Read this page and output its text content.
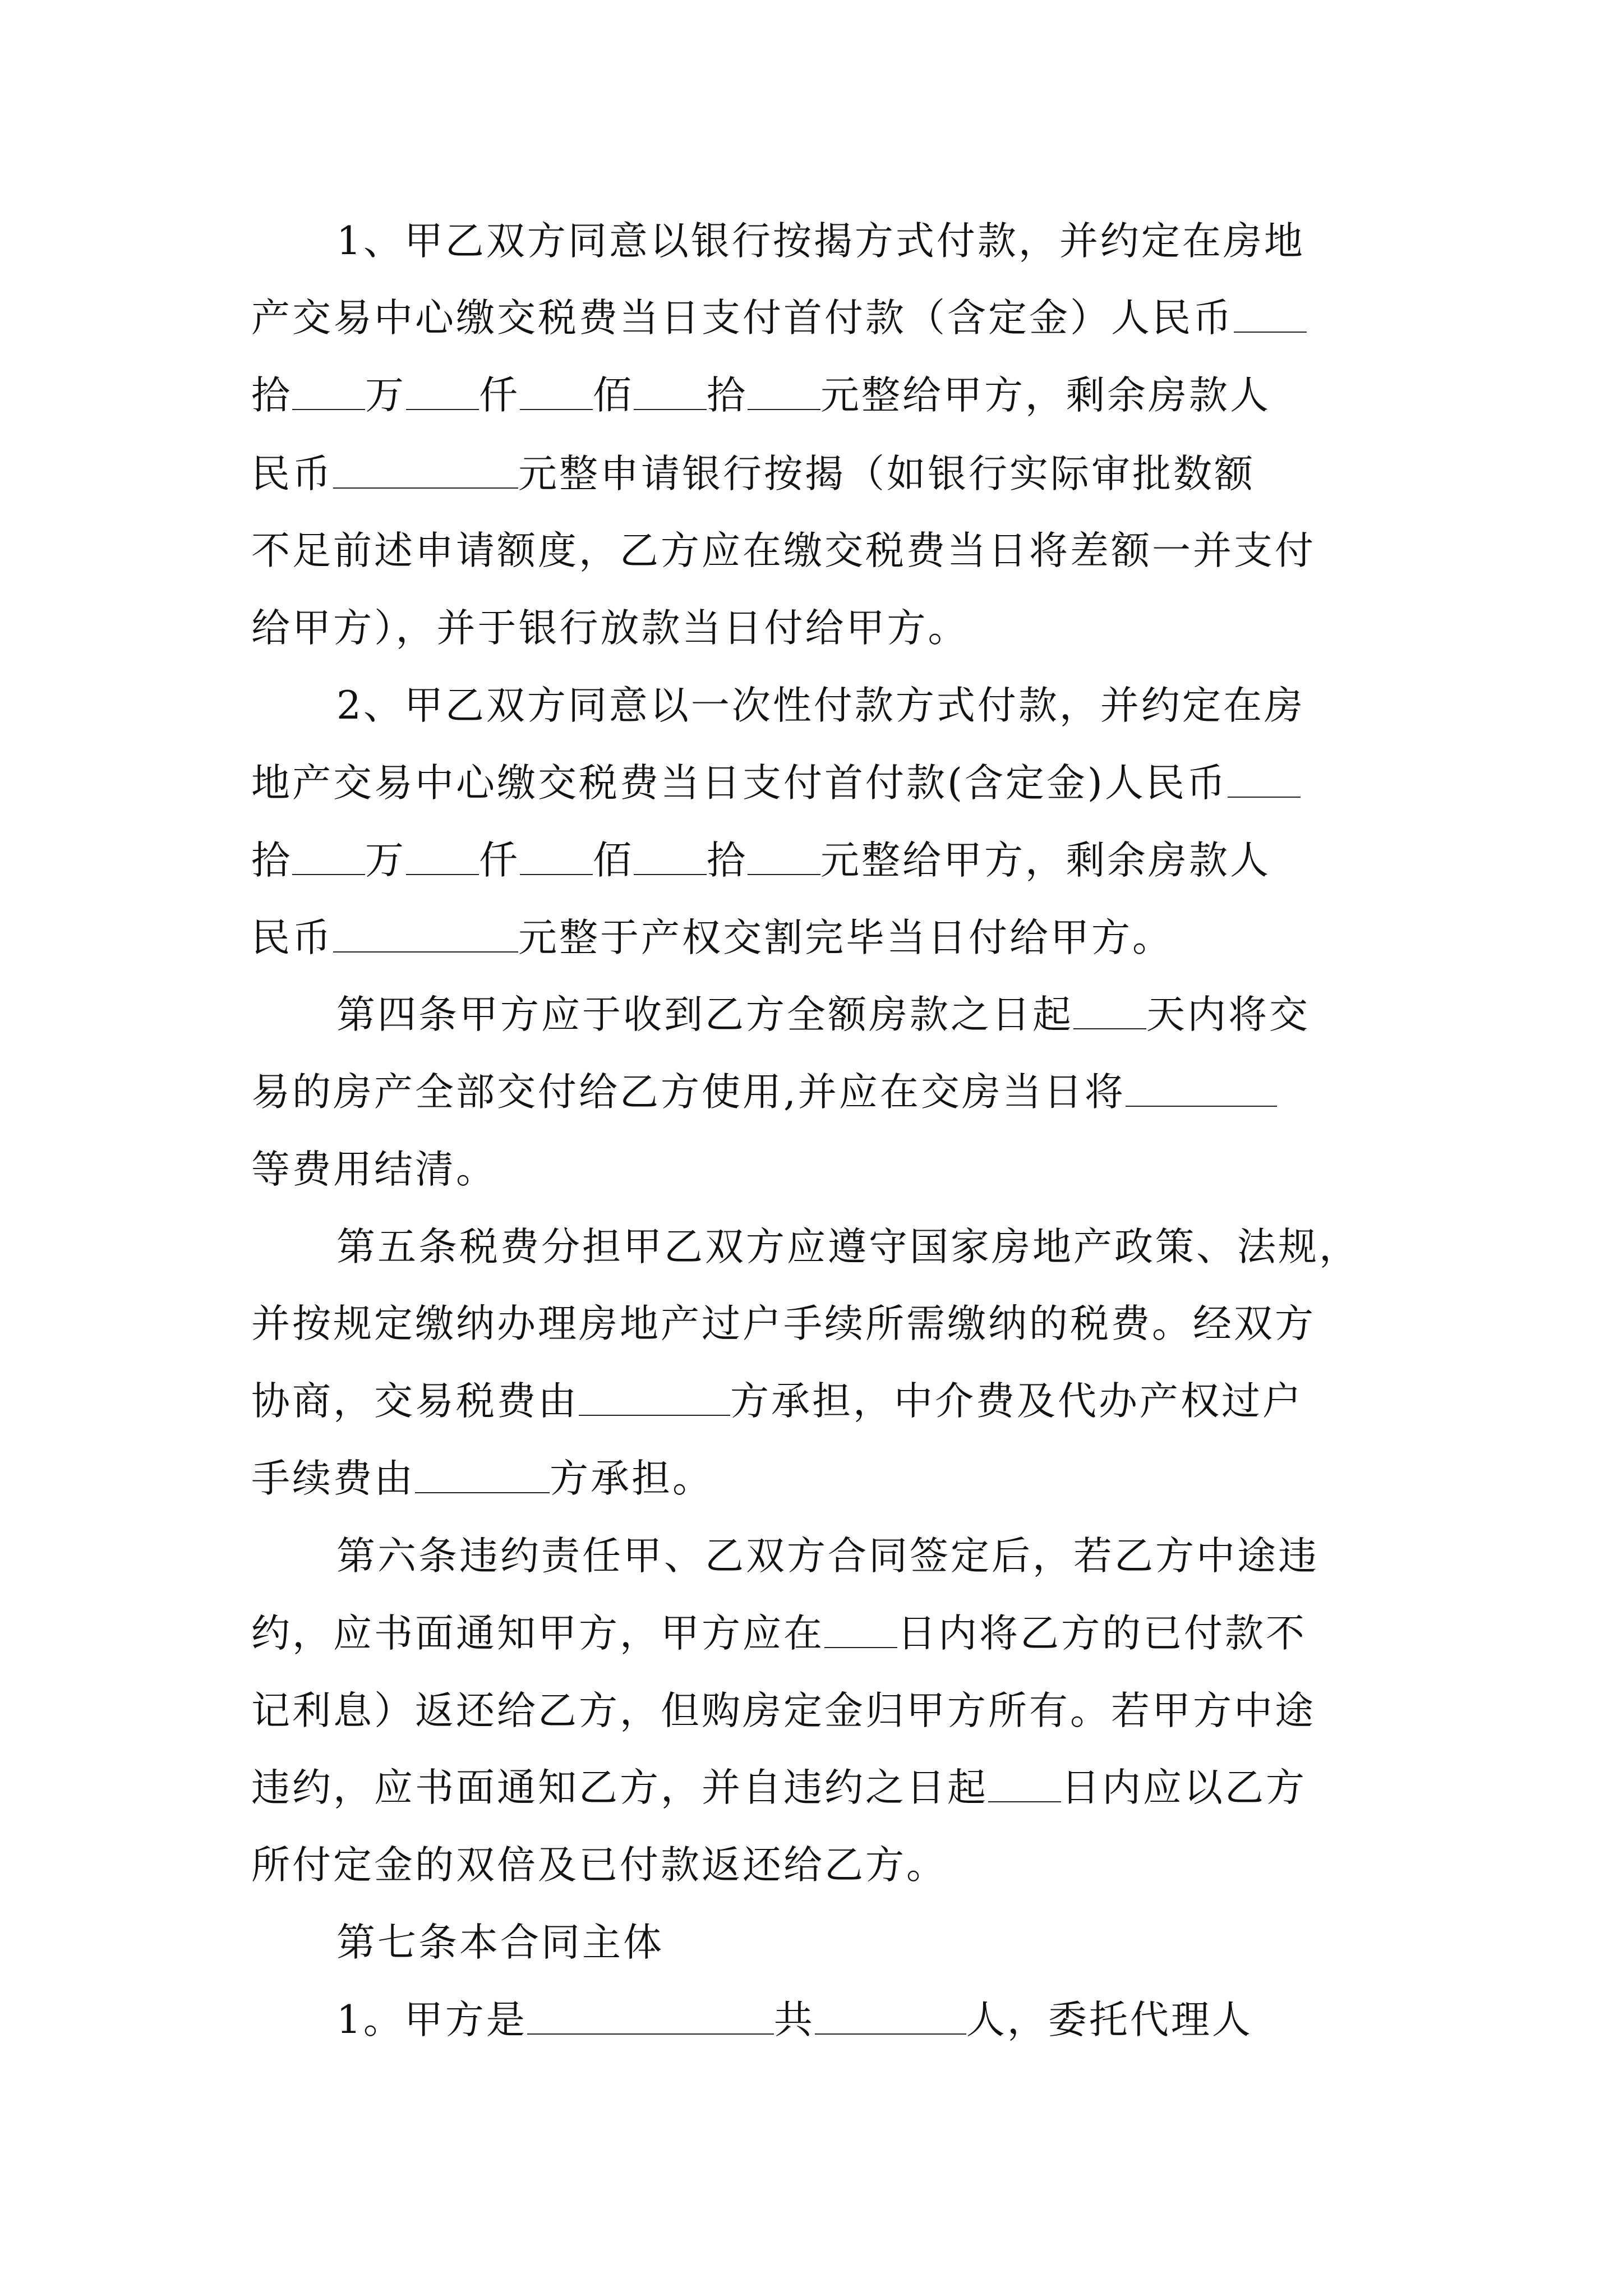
1、甲乙双方同意以银行按揭方式付款，并约定在房地
产交易中心缴交税费当日支付首付款（含定金）人民币
拾 万 仟 佰 拾 元整给甲方，剩余房款人
民币	元整申请银行按揭（如银行实际审批数额
不足前述申请额度，乙方应在缴交税费当日将差额一并支付
给甲方），并于银行放款当日付给甲方。
2、甲乙双方同意以一次性付款方式付款，并约定在房
地产交易中心缴交税费当日支付首付款(含定金)人民币
拾 万 仟 佰 拾 元整给甲方，剩余房款人
民币	元整于产权交割完毕当日付给甲方。
第四条甲方应于收到乙方全额房款之日起 天内将交
易的房产全部交付给乙方使用,并应在交房当日将
等费用结清。
第五条税费分担甲乙双方应遵守国家房地产政策、法规，
并按规定缴纳办理房地产过户手续所需缴纳的税费。经双方
协商，交易税费由	方承担，中介费及代办产权过户
手续费由	方承担。
第六条违约责任甲、乙双方合同签定后，若乙方中途违
约，应书面通知甲方，甲方应在 日内将乙方的已付款不
记利息）返还给乙方，但购房定金归甲方所有。若甲方中途
违约，应书面通知乙方，并自违约之日起 日内应以乙方
所付定金的双倍及已付款返还给乙方。
第七条本合同主体
1。甲方是	共	人，委托代理人
